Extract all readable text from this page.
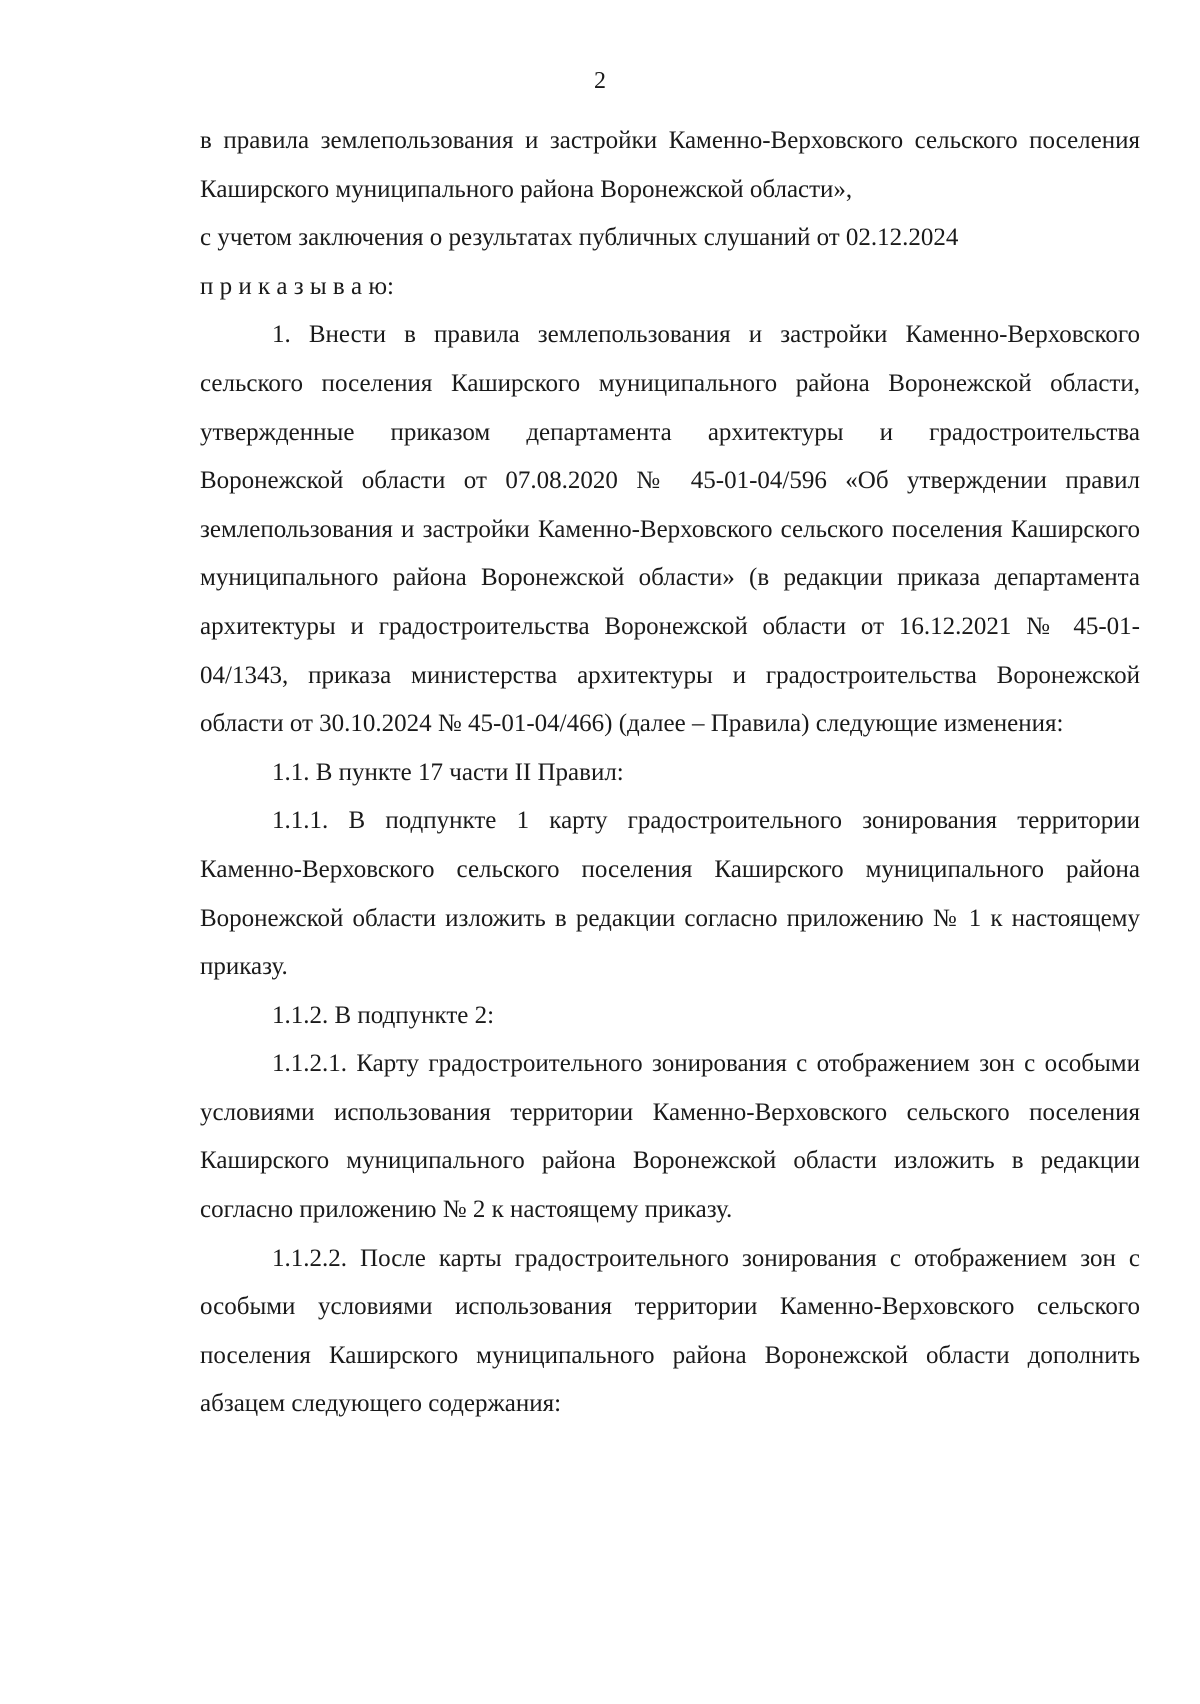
2

в правила землепользования и застройки Каменно-Верховского сельского поселения Каширского муниципального района Воронежской области»,

с учетом заключения о результатах публичных слушаний от 02.12.2024

п р и к а з ы в а ю:

1. Внести в правила землепользования и застройки Каменно-Верховского сельского поселения Каширского муниципального района Воронежской области, утвержденные приказом департамента архитектуры и градостроительства Воронежской области от 07.08.2020 № 45-01-04/596 «Об утверждении правил землепользования и застройки Каменно-Верховского сельского поселения Каширского муниципального района Воронежской области» (в редакции приказа департамента архитектуры и градостроительства Воронежской области от 16.12.2021 № 45-01-04/1343, приказа министерства архитектуры и градостроительства Воронежской области от 30.10.2024 № 45-01-04/466) (далее – Правила) следующие изменения:

1.1. В пункте 17 части II Правил:

1.1.1. В подпункте 1 карту градостроительного зонирования территории Каменно-Верховского сельского поселения Каширского муниципального района Воронежской области изложить в редакции согласно приложению № 1 к настоящему приказу.

1.1.2. В подпункте 2:

1.1.2.1. Карту градостроительного зонирования с отображением зон с особыми условиями использования территории Каменно-Верховского сельского поселения Каширского муниципального района Воронежской области изложить в редакции согласно приложению № 2 к настоящему приказу.

1.1.2.2. После карты градостроительного зонирования с отображением зон с особыми условиями использования территории Каменно-Верховского сельского поселения Каширского муниципального района Воронежской области дополнить абзацем следующего содержания:
